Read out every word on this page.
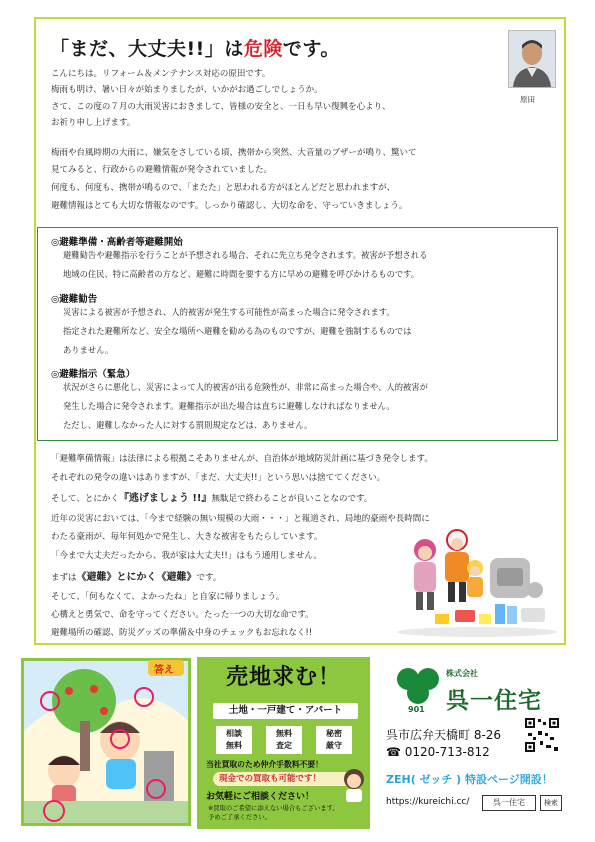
「まだ、大丈夫!!」は危険です。
原田
こんにちは。リフォーム＆メンテナンス対応の原田です。
梅雨も明け、暑い日々が始まりましたが、いかがお過ごしでしょうか。
さて、この度の７月の大雨災害におきまして、皆様の安全と、一日も早い復興を心より、
お祈り申し上げます。
梅雨や台風時期の大雨に、嫌気をさしている頃、携帯から突然、大音量のブザーが鳴り、驚いて
見てみると、行政からの避難情報が発令されていました。
何度も、何度も、携帯が鳴るので、「またた」と思われる方がほとんどだと思われますが、
避難情報はとても大切な情報なのです。しっかり確認し、大切な命を、守っていきましょう。
◎避難準備・高齢者等避難開始
避難勧告や避難指示を行うことが予想される場合、それに先立ち発令されます。被害が予想される
地域の住民、特に高齢者の方など、避難に時間を要する方に早めの避難を呼びかけるものです。
◎避難勧告
災害による被害が予想され、人的被害が発生する可能性が高まった場合に発令されます。
指定された避難所など、安全な場所へ避難を勧める為のものですが、避難を強制するものでは
ありません。
◎避難指示（緊急）
状況がさらに悪化し、災害によって人的被害が出る危険性が、非常に高まった場合や、人的被害が
発生した場合に発令されます。避難指示が出た場合は直ちに避難しなければなりません。
ただし、避難しなかった人に対する罰則規定などは、ありません。
「避難準備情報」は法律による根拠こそありませんが、自治体が地域防災計画に基づき発令します。
それぞれの発令の違いはありますが、「まだ、大丈夫!!」という思いは捨ててください。
そして、とにかく『逃げましょう !!』無駄足で終わることが良いことなのです。
近年の災害においては、「今まで経験の無い規模の大雨・・・」と報道され、局地的豪雨や長時間に
わたる豪雨が、毎年何処かで発生し、大きな被害をもたらしています。
「今まで大丈夫だったから、我が家は大丈夫!!」はもう通用しません。
まずは《避難》とにかく《避難》です。
そして、「何もなくて、よかったね」と自家に帰りましょう。
心構えと勇気で、命を守ってください。たった一つの大切な命です。
避難場所の確認、防災グッズの準備＆中身のチェックもお忘れなく!!
答え	売地求む！
土地・一戸建て・アパート
相談
無料
無料
査定
秘密
厳守
当社買取のため仲介手数料不要！
現金での買取も可能です！
お気軽にご相談ください！
※買取のご希望に添えない場合もございます。
予めご了承ください。
株式会社
呉一住宅
901
呉市広弁天橋町 8-26
☎ 0120-713-812
ZEH( ゼッチ ) 特設ページ開設！
https://kureichi.cc/	呉一住宅	検索
